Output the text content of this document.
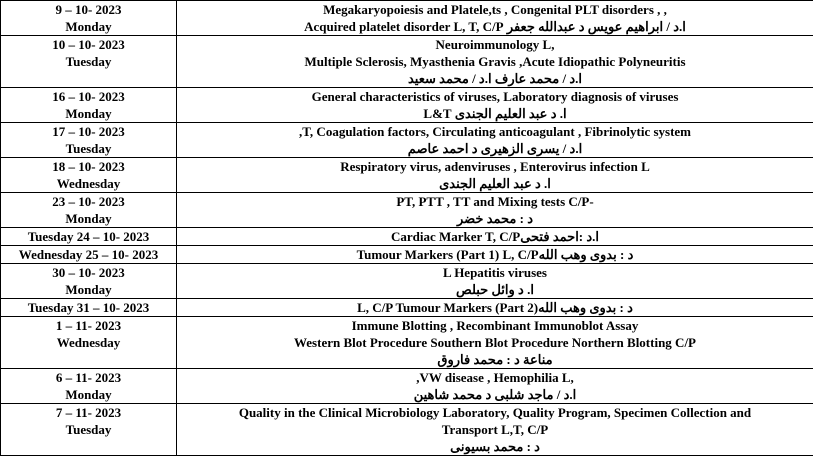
9 – 10- 2023
Monday	Megakaryopoiesis and Platele,ts , Congenital PLT disorders , ,
ا.د / ابراهيم عويس د عبدالله جعفر Acquired platelet disorder L, T, C/P

10 – 10- 2023
Tuesday	Neuroimmunology L,
Multiple Sclerosis, Myasthenia Gravis ,Acute Idiopathic Polyneuritis
ا.د / محمد عارف ا.د / محمد سعيد

16 – 10- 2023
Monday	General characteristics of viruses, Laboratory diagnosis of viruses
ا. د عبد العليم الجندى L&T

17 – 10- 2023
Tuesday	,T, Coagulation factors, Circulating anticoagulant , Fibrinolytic system
ا.د / يسرى الزهيرى د احمد عاصم

18 – 10- 2023
Wednesday	Respiratory virus, adenviruses , Enterovirus infection L
ا. د عبد العليم الجندى

23 – 10- 2023
Monday	PT, PTT , TT and Mixing tests C/P-
د : محمد خضر

Tuesday 24 – 10- 2023	Cardiac Marker T, C/Pا.د :احمد فتحى

Wednesday 25 – 10- 2023	Tumour Markers (Part 1) L, C/Pد : بدوى وهب الله

30 – 10- 2023
Monday	L Hepatitis viruses
ا. د وائل حبلص

Tuesday 31 – 10- 2023	L, C/P Tumour Markers (Part 2)د : بدوى وهب الله

1 – 11- 2023
Wednesday	Immune Blotting , Recombinant Immunoblot Assay
Western Blot Procedure Southern Blot Procedure Northern Blotting C/P
مناعة د : محمد فاروق

6 – 11- 2023
Monday	,VW disease , Hemophilia L,
ا.د / ماجد شلبى د محمد شاهين

7 – 11- 2023
Tuesday	Quality in the Clinical Microbiology Laboratory, Quality Program, Specimen Collection and
Transport L,T, C/P
د : محمد بسيونى
